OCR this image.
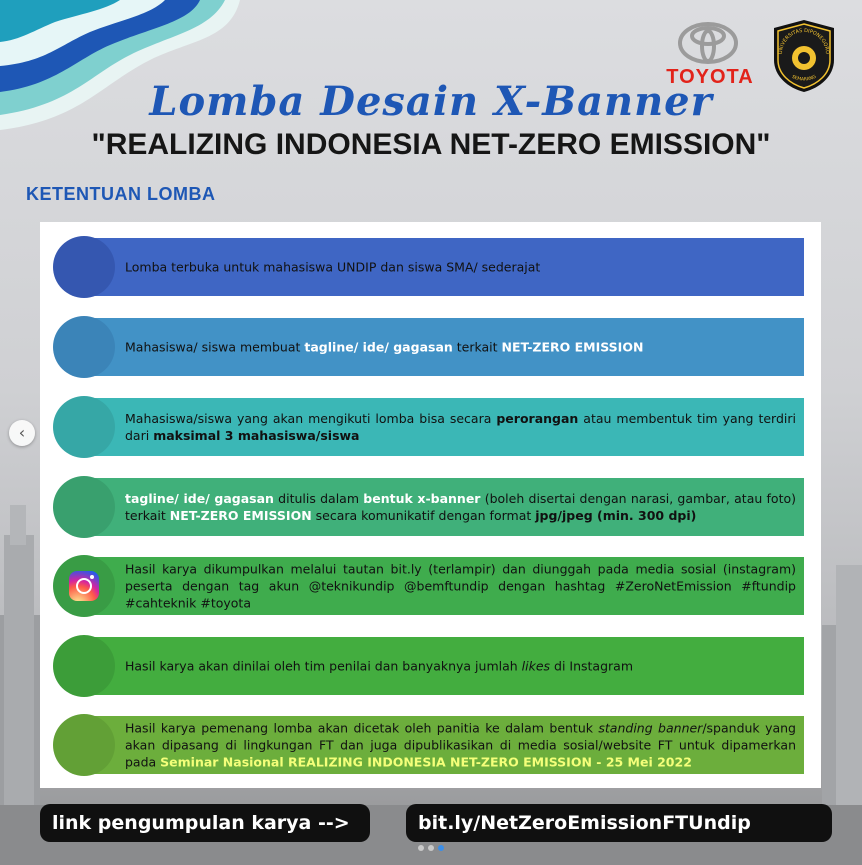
TOYOTA
UNIVERSITAS DIPONEGORO
SEMARANG
Lomba Desain X-Banner
"REALIZING INDONESIA NET-ZERO EMISSION"
KETENTUAN LOMBA
Lomba terbuka untuk mahasiswa UNDIP dan siswa SMA/ sederajat
Mahasiswa/ siswa membuat tagline/ ide/ gagasan terkait NET-ZERO EMISSION
Mahasiswa/siswa yang akan mengikuti lomba bisa secara perorangan atau membentuk tim yang terdiri dari maksimal 3 mahasiswa/siswa
tagline/ ide/ gagasan ditulis dalam bentuk x-banner (boleh disertai dengan narasi, gambar, atau foto) terkait NET-ZERO EMISSION secara komunikatif dengan format jpg/jpeg (min. 300 dpi)
Hasil karya dikumpulkan melalui tautan bit.ly (terlampir) dan diunggah pada media sosial (instagram) peserta dengan tag akun @teknikundip @bemftundip dengan hashtag #ZeroNetEmission #ftundip #cahteknik #toyota
Hasil karya akan dinilai oleh tim penilai dan banyaknya jumlah likes di Instagram
Hasil karya pemenang lomba akan dicetak oleh panitia ke dalam bentuk standing banner/spanduk yang akan dipasang di lingkungan FT dan juga dipublikasikan di media sosial/website FT untuk dipamerkan pada Seminar Nasional REALIZING INDONESIA NET-ZERO EMISSION - 25 Mei 2022
‹
link pengumpulan karya -->	bit.ly/NetZeroEmissionFTUndip
